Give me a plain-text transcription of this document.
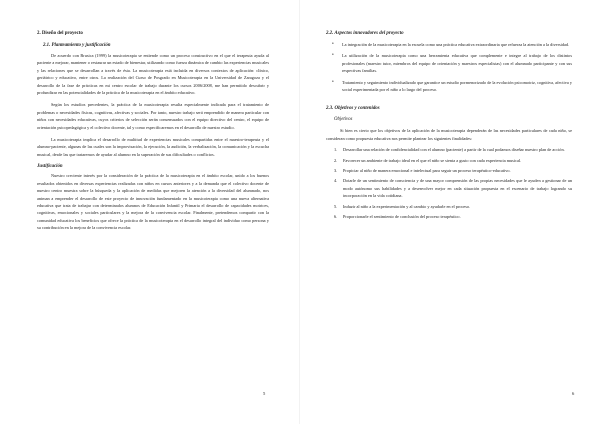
2. Diseño del proyecto
2.1. Planteamiento y justificación

De acuerdo con Brusica (1999) la musicoterapia se entiende como un proceso constructivo en el que el terapeuta ayuda al paciente a mejorar, mantener o restaurar un estado de bienestar, utilizando como fuerza dinámica de cambio las experiencias musicales y las relaciones que se desarrollan a través de ésta. La musicoterapia está incluida en diversos contextos de aplicación: clínico, geriátrico y educativo, entre otros. La realización del Curso de Posgrado en Musicoterapia en la Universidad de Zaragoza y el desarrollo de la fase de prácticas en mi centro escolar de trabajo durante los cursos 2006/2008, me han permitido descubrir y profundizar en las potencialidades de la práctica de la musicoterapia en el ámbito educativo.

Según los estudios precedentes, la práctica de la musicoterapia resulta especialmente indicada para el tratamiento de problemas o necesidades físicas, cognitivas, afectivas y sociales. Por tanto, nuestro trabajo será emprendido de manera particular con niños con necesidades educativas, cuyos criterios de selección serán consensuados con el equipo directivo del centro, el equipo de orientación psicopedagógica y el colectivo docente, tal y como especificaremos en el desarrollo de nuestro estudio.

La musicoterapia implica el desarrollo de multitud de experiencias musicales compartidas entre el maestro-terapeuta y el alumno-paciente, algunas de las cuales son la improvisación, la ejecución, la audición, la verbalización, la comunicación y la escucha musical, desde las que trataremos de ayudar al alumno en la superación de sus dificultades o conflictos.

Justificación

Nuestro creciente interés por la consideración de la práctica de la musicoterapia en el ámbito escolar, unido a los buenos resultados obtenidos en diversas experiencias realizadas con niños en cursos anteriores y a la demanda que el colectivo docente de nuestro centro muestra sobre la búsqueda y la aplicación de medidas que mejoren la atención a la diversidad del alumnado, nos animan a emprender el desarrollo de este proyecto de innovación fundamentado en la musicoterapia como una nueva alternativa educativa que trata de trabajar con determinados alumnos de Educación Infantil y Primaria el desarrollo de capacidades motrices, cognitivas, emocionales y sociales particulares y la mejora de la convivencia escolar. Finalmente, pretendemos compartir con la comunidad educativa los beneficios que ofrece la práctica de la musicoterapia en el desarrollo integral del individuo como persona y su contribución en la mejora de la convivencia escolar.

5
2.2. Aspectos innovadores del proyecto
• La integración de la musicoterapia en la escuela como una práctica educativa extraordinaria que refuerza la atención a la diversidad.
• La utilización de la musicoterapia como una herramienta educativa que complemente e integre al trabajo de los distintos profesionales (maestro tutor, miembros del equipo de orientación y maestros especialistas) con el alumnado participante y con sus respectivas familias.
• Tratamiento y seguimiento individualizado que garantice un estudio pormenorizado de la evolución psicomotriz, cognitiva, afectiva y social experimentada por el niño a lo largo del proceso.
2.3. Objetivos y contenidos
Objetivos

Si bien es cierto que los objetivos de la aplicación de la musicoterapia dependerán de las necesidades particulares de cada niño, se consideran como propuesta educativa nos permite plantear los siguientes finalidades:

1. Desarrollar una relación de confidencialidad con el alumno (paciente) a partir de la cual podamos diseñar nuestro plan de acción.
2. Favorecer un ambiente de trabajo ideal en el que el niño se sienta a gusto con cada experiencia musical.
3. Propiciar al niño de manera emocional e intelectual para seguir un proceso terapéutico-educativo.
4. Dotarle de un sentimiento de consciencia y de una mayor comprensión de las propias necesidades que le ayuden a gestionar de un modo autónomo sus habilidades y a desenvolver mejor en cada situación propuesta en el escenario de trabajo logrando su incorporación en la vida cotidiana.
5. Induzir al niño a la experimentación y al cambio y ayudarle en el proceso.
6. Proporcionarle el sentimiento de conclusión del proceso terapéutico.
6
